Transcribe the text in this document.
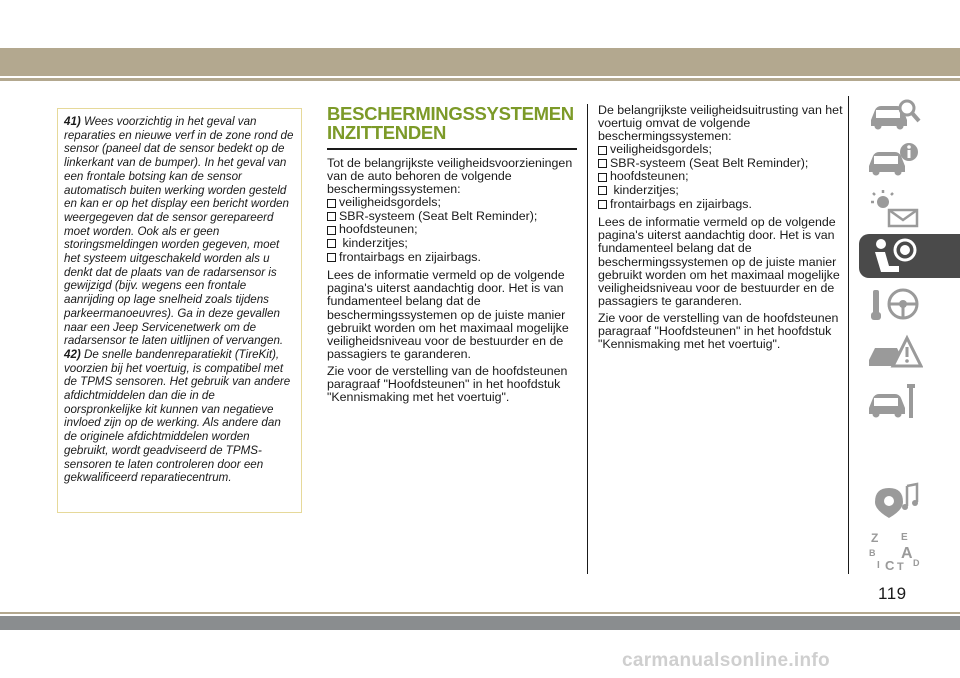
41) Wees voorzichtig in het geval van reparaties en nieuwe verf in de zone rond de sensor (paneel dat de sensor bedekt op de linkerkant van de bumper). In het geval van een frontale botsing kan de sensor automatisch buiten werking worden gesteld en kan er op het display een bericht worden weergegeven dat de sensor gerepareerd moet worden. Ook als er geen storingsmeldingen worden gegeven, moet het systeem uitgeschakeld worden als u denkt dat de plaats van de radarsensor is gewijzigd (bijv. wegens een frontale aanrijding op lage snelheid zoals tijdens parkeermanoeuvres). Ga in deze gevallen naar een Jeep Servicenetwerk om de radarsensor te laten uitlijnen of vervangen.

42) De snelle bandenreparatiekit (TireKit), voorzien bij het voertuig, is compatibel met de TPMS sensoren. Het gebruik van andere afdichtmiddelen dan die in de oorspronkelijke kit kunnen van negatieve invloed zijn op de werking. Als andere dan de originele afdichtmiddelen worden gebruikt, wordt geadviseerd de TPMS-sensoren te laten controleren door een gekwalificeerd reparatiecentrum.

BESCHERMINGSSYSTEMEN INZITTENDEN

Tot de belangrijkste veiligheidsvoorzieningen van de auto behoren de volgende beschermingssystemen:

veiligheidsgordels;
SBR-systeem (Seat Belt Reminder);
hoofdsteunen;
kinderzitjes;
frontairbags en zijairbags.

Lees de informatie vermeld op de volgende pagina's uiterst aandachtig door. Het is van fundamenteel belang dat de beschermingssystemen op de juiste manier gebruikt worden om het maximaal mogelijke veiligheidsniveau voor de bestuurder en de passagiers te garanderen.

Zie voor de verstelling van de hoofdsteunen paragraaf "Hoofdsteunen" in het hoofdstuk "Kennismaking met het voertuig".

De belangrijkste veiligheidsuitrusting van het voertuig omvat de volgende beschermingssystemen:

veiligheidsgordels;
SBR-systeem (Seat Belt Reminder);
hoofdsteunen;
kinderzitjes;
frontairbags en zijairbags.

Lees de informatie vermeld op de volgende pagina's uiterst aandachtig door. Het is van fundamenteel belang dat de beschermingssystemen op de juiste manier gebruikt worden om het maximaal mogelijke veiligheidsniveau voor de bestuurder en de passagiers te garanderen.

Zie voor de verstelling van de hoofdsteunen paragraaf "Hoofdsteunen" in het hoofdstuk "Kennismaking met het voertuig".

Z E
B A
I C T D
119
carmanualsonline.info
